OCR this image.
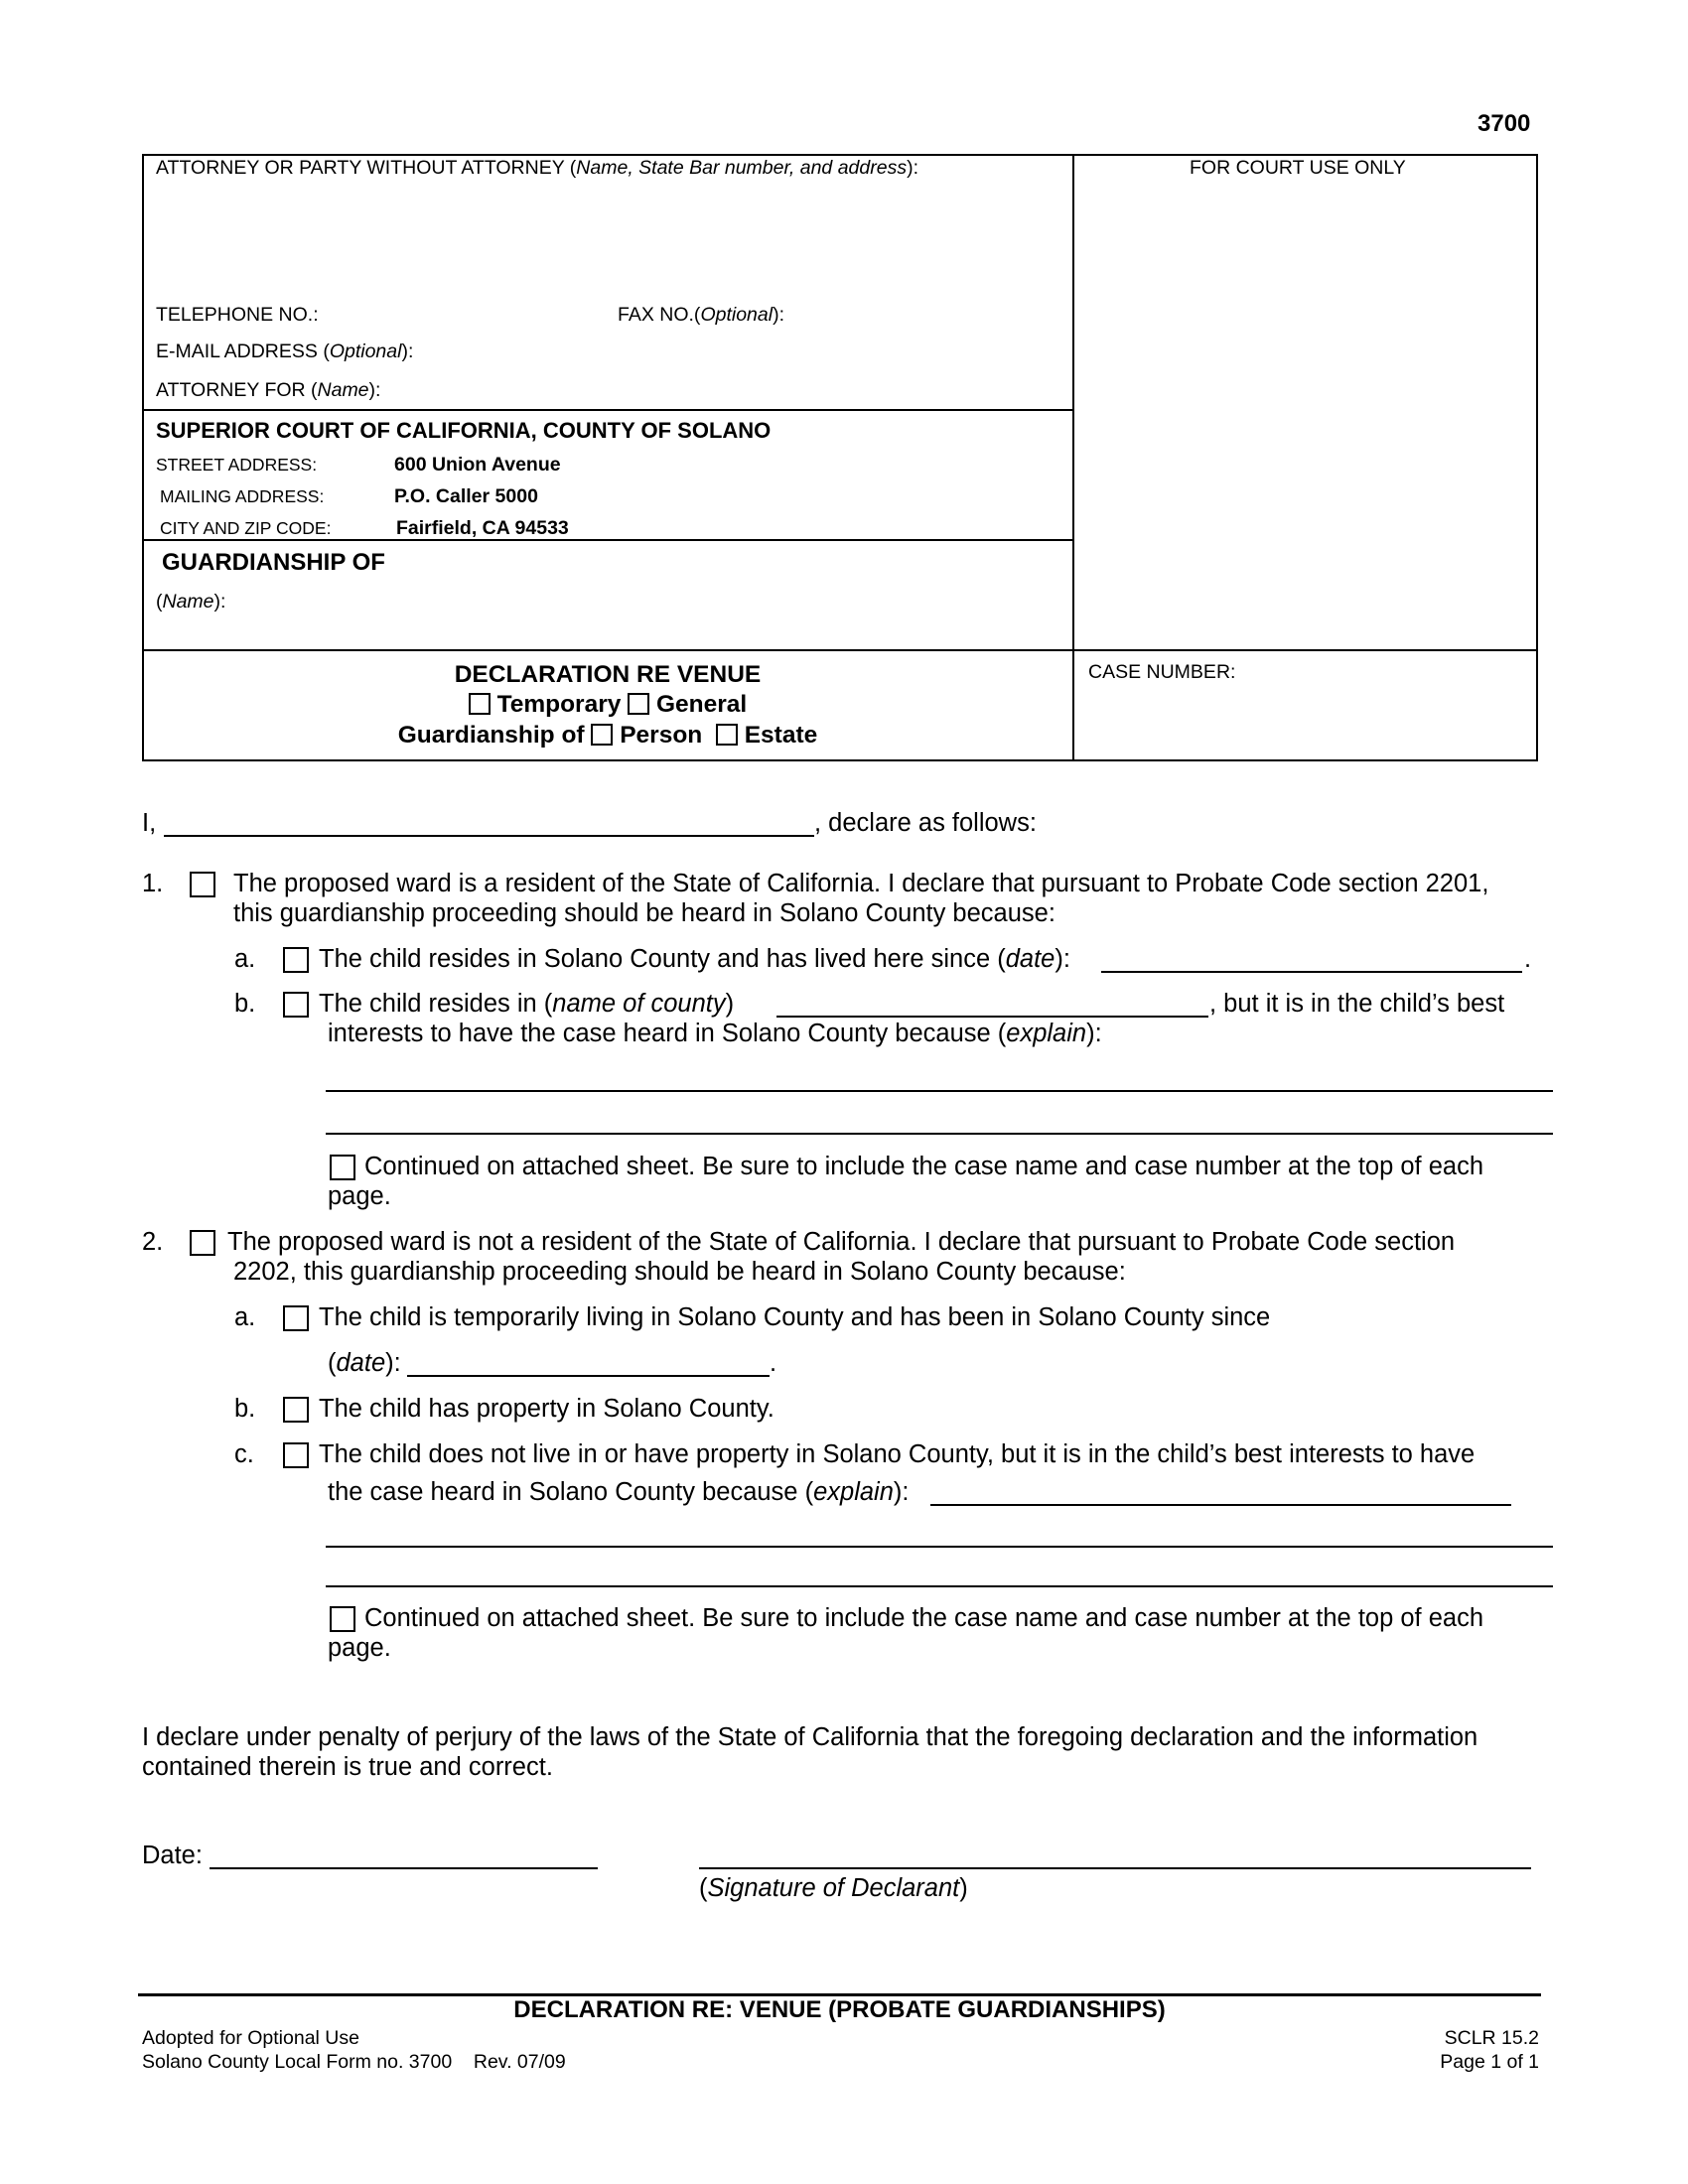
3700
ATTORNEY OR PARTY WITHOUT ATTORNEY (Name, State Bar number, and address):	FOR COURT USE ONLY
TELEPHONE NO.:	FAX NO.(Optional):
E-MAIL ADDRESS (Optional):
ATTORNEY FOR (Name):
SUPERIOR COURT OF CALIFORNIA, COUNTY OF SOLANO
STREET ADDRESS:	600 Union Avenue
MAILING ADDRESS:	P.O. Caller 5000
CITY AND ZIP CODE:	Fairfield, CA 94533
GUARDIANSHIP OF
(Name):
DECLARATION RE VENUE
Temporary General
Guardianship of Person Estate
CASE NUMBER:
I,	, declare as follows:
1.	The proposed ward is a resident of the State of California. I declare that pursuant to Probate Code section 2201,
this guardianship proceeding should be heard in Solano County because:
a. The child resides in Solano County and has lived here since (date):	.
b. The child resides in (name of county)	, but it is in the child’s best
interests to have the case heard in Solano County because (explain):
Continued on attached sheet. Be sure to include the case name and case number at the top of each
page.
2.	The proposed ward is not a resident of the State of California. I declare that pursuant to Probate Code section
2202, this guardianship proceeding should be heard in Solano County because:
a. The child is temporarily living in Solano County and has been in Solano County since
(date):	.
b. The child has property in Solano County.
c.	The child does not live in or have property in Solano County, but it is in the child’s best interests to have
the case heard in Solano County because (explain):
Continued on attached sheet. Be sure to include the case name and case number at the top of each
page.
I declare under penalty of perjury of the laws of the State of California that the foregoing declaration and the information
contained therein is true and correct.
Date:
(Signature of Declarant)
DECLARATION RE: VENUE (PROBATE GUARDIANSHIPS)
Adopted for Optional Use
Solano County Local Form no. 3700    Rev. 07/09
SCLR 15.2
Page 1 of 1
